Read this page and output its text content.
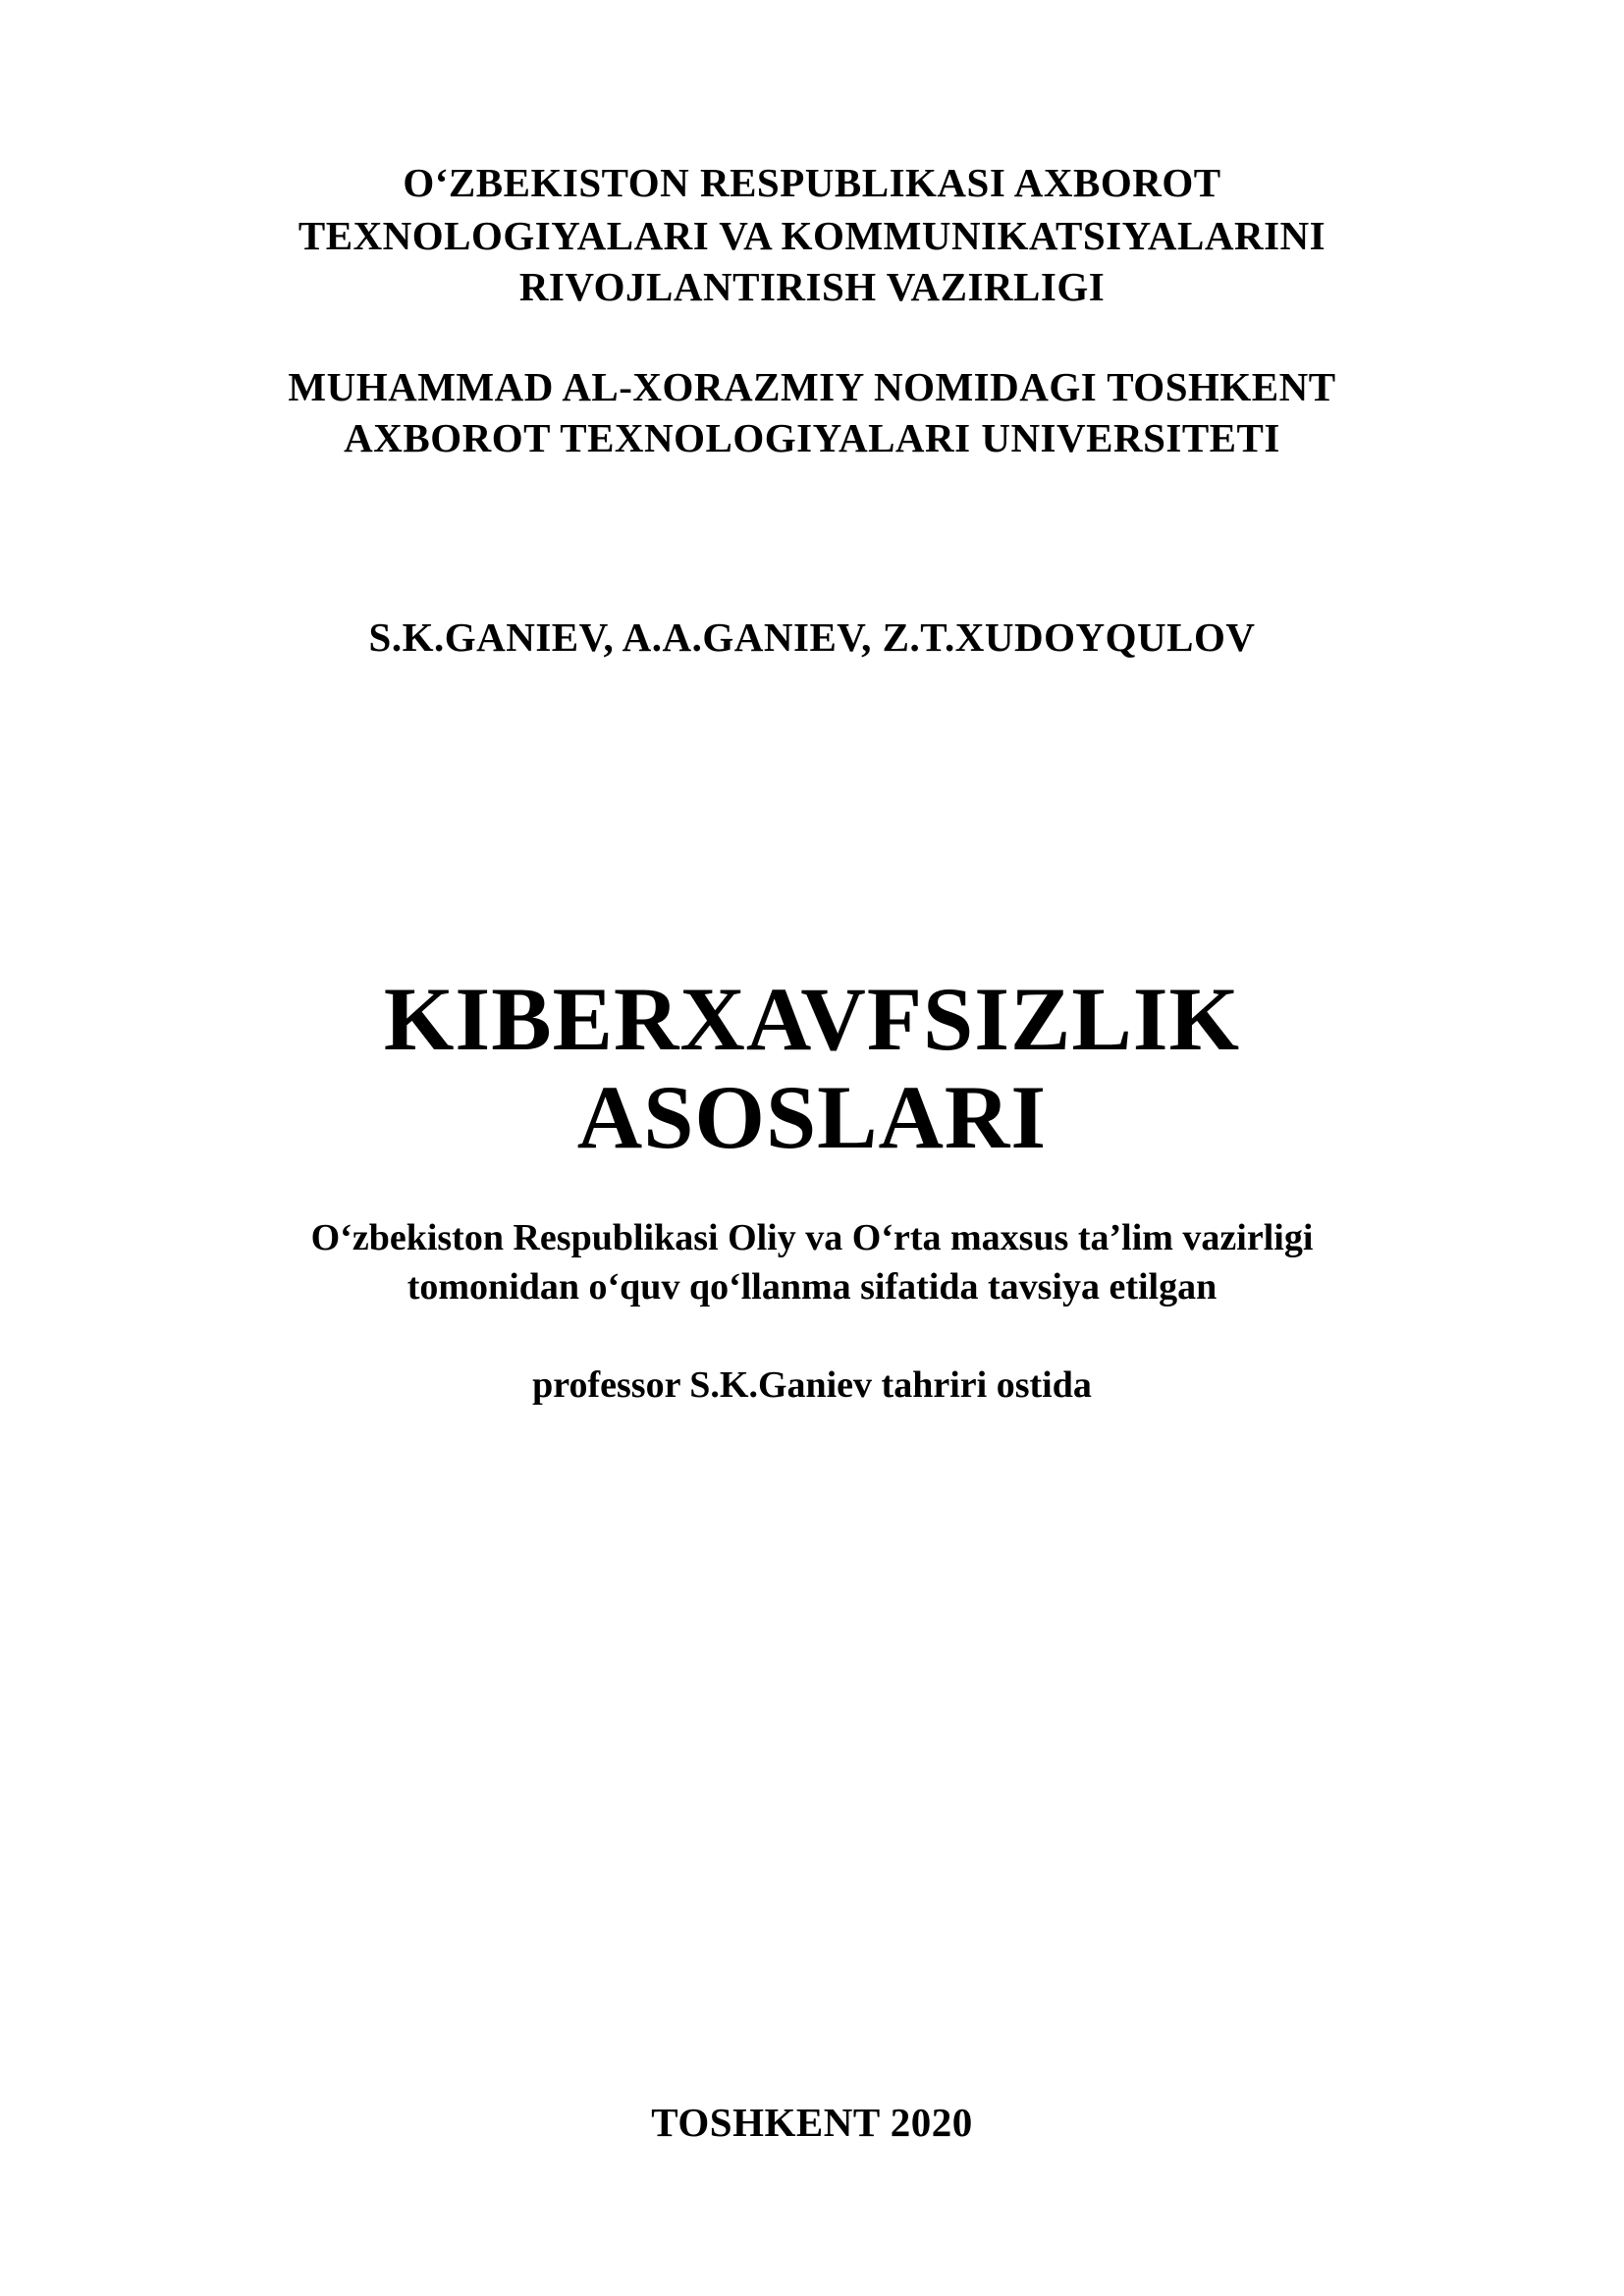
O‘ZBEKISTON RESPUBLIKASI AXBOROT

TEXNOLOGIYALARI VA KOMMUNIKATSIYALARINI

RIVOJLANTIRISH VAZIRLIGI

MUHAMMAD AL-XORAZMIY NOMIDAGI TOSHKENT

AXBOROT TEXNOLOGIYALARI UNIVERSITETI

S.K.GANIEV, A.A.GANIEV, Z.T.XUDOYQULOV

KIBERXAVFSIZLIK

ASOSLARI

O‘zbekiston Respublikasi Oliy va O‘rta maxsus ta’lim vazirligi

tomonidan o‘quv qo‘llanma sifatida tavsiya etilgan

professor S.K.Ganiev tahriri ostida

TOSHKENT 2020
